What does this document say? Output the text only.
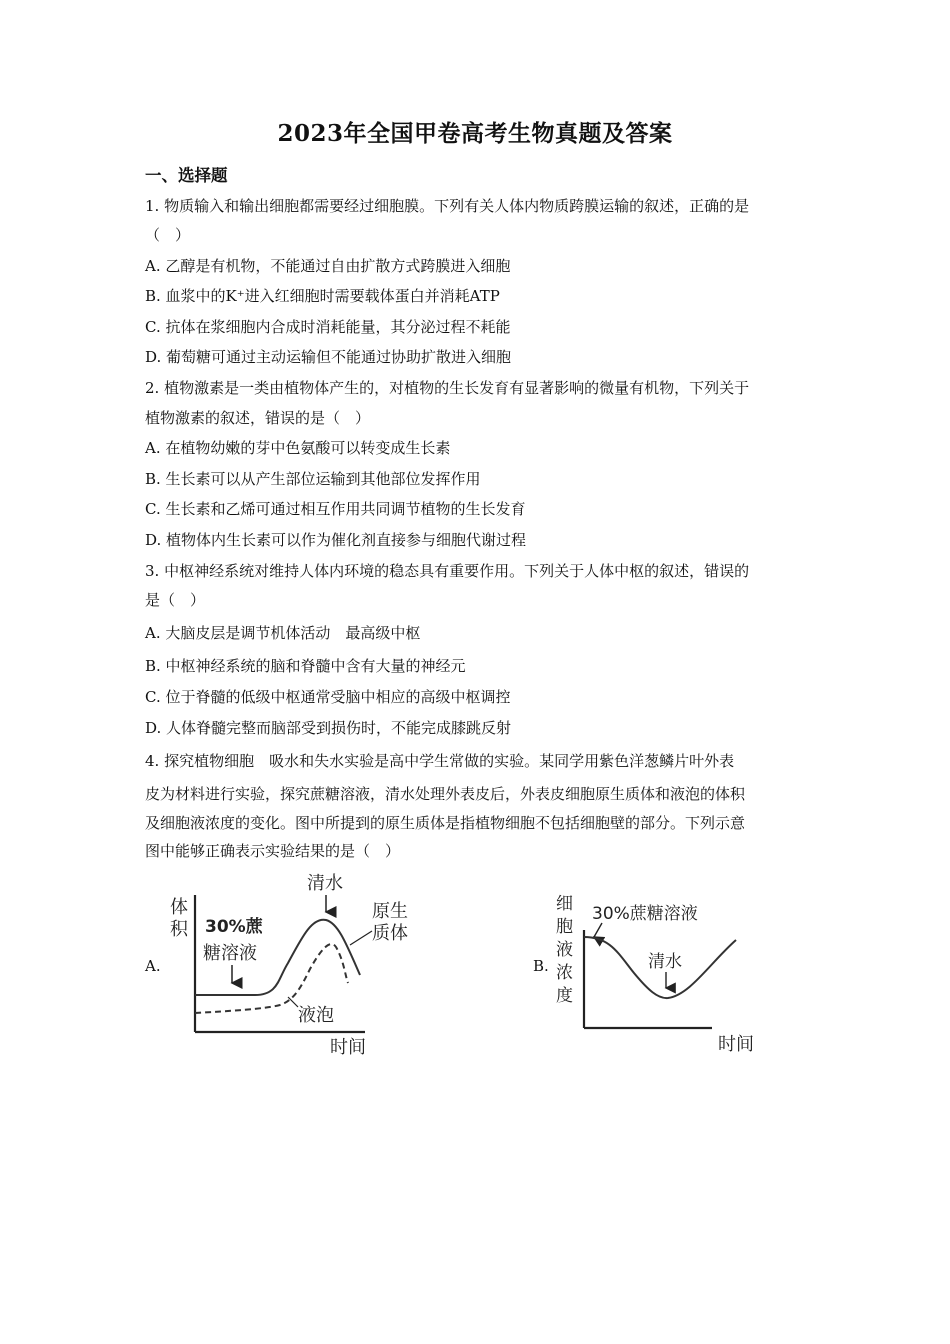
2023年全国甲卷高考生物真题及答案
一、选择题
1. 物质输入和输出细胞都需要经过细胞膜。下列有关人体内物质跨膜运输的叙述，正确的是
（　）
A. 乙醇是有机物，不能通过自由扩散方式跨膜进入细胞
B. 血浆中的K⁺进入红细胞时需要载体蛋白并消耗ATP
C. 抗体在浆细胞内合成时消耗能量，其分泌过程不耗能
D. 葡萄糖可通过主动运输但不能通过协助扩散进入细胞
2. 植物激素是一类由植物体产生的，对植物的生长发育有显著影响的微量有机物，下列关于
植物激素的叙述，错误的是（　）
A. 在植物幼嫩的芽中色氨酸可以转变成生长素
B. 生长素可以从产生部位运输到其他部位发挥作用
C. 生长素和乙烯可通过相互作用共同调节植物的生长发育
D. 植物体内生长素可以作为催化剂直接参与细胞代谢过程
3. 中枢神经系统对维持人体内环境的稳态具有重要作用。下列关于人体中枢的叙述，错误的
是（　）
A. 大脑皮层是调节机体活动　最高级中枢
B. 中枢神经系统的脑和脊髓中含有大量的神经元
C. 位于脊髓的低级中枢通常受脑中相应的高级中枢调控
D. 人体脊髓完整而脑部受到损伤时，不能完成膝跳反射
4. 探究植物细胞　吸水和失水实验是高中学生常做的实验。某同学用紫色洋葱鳞片叶外表
皮为材料进行实验，探究蔗糖溶液，清水处理外表皮后，外表皮细胞原生质体和液泡的体积
及细胞液浓度的变化。图中所提到的原生质体是指植物细胞不包括细胞壁的部分。下列示意
图中能够正确表示实验结果的是（　）
A.
体
积 30%蔗
糖溶液
清水
原生
质体
液泡
时间
B.
细
胞
液
浓
度
30%蔗糖溶液
清水
时间
